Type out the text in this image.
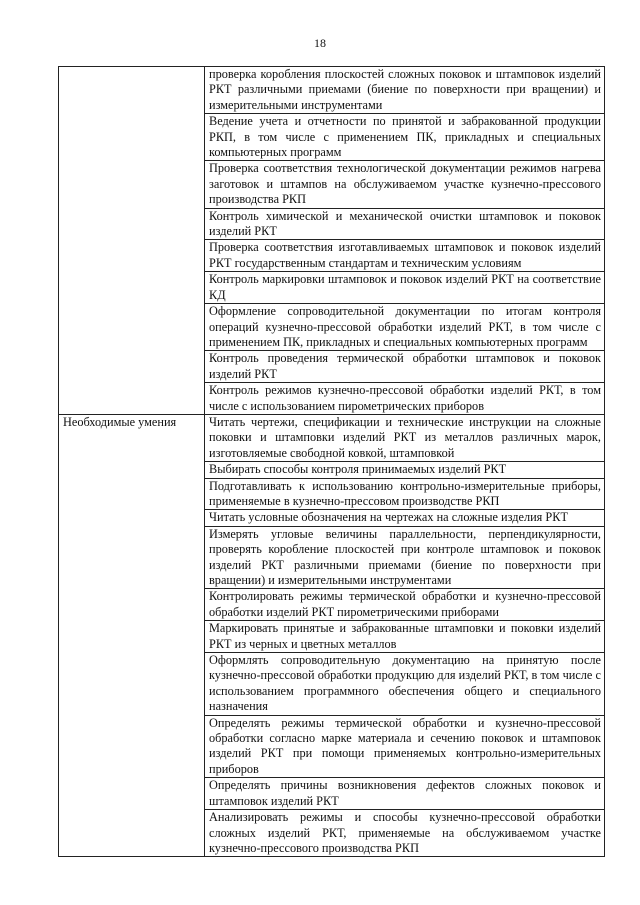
18
	проверка коробления плоскостей сложных поковок и штамповок изделий РКТ различными приемами (биение по поверхности при вращении) и измерительными инструментами
	Ведение учета и отчетности по принятой и забракованной продукции РКП, в том числе с применением ПК, прикладных и специальных компьютерных программ
	Проверка соответствия технологической документации режимов нагрева заготовок и штампов на обслуживаемом участке кузнечно-прессового производства РКП
	Контроль химической и механической очистки штамповок и поковок изделий РКТ
	Проверка соответствия изготавливаемых штамповок и поковок изделий РКТ государственным стандартам и техническим условиям
	Контроль маркировки штамповок и поковок изделий РКТ на соответствие КД
	Оформление сопроводительной документации по итогам контроля операций кузнечно-прессовой обработки изделий РКТ, в том числе с применением ПК, прикладных и специальных компьютерных программ
	Контроль проведения термической обработки штамповок и поковок изделий РКТ
	Контроль режимов кузнечно-прессовой обработки изделий РКТ, в том числе с использованием пирометрических приборов
Необходимые умения	Читать чертежи, спецификации и технические инструкции на сложные поковки и штамповки изделий РКТ из металлов различных марок, изготовляемые свободной ковкой, штамповкой
	Выбирать способы контроля принимаемых изделий РКТ
	Подготавливать к использованию контрольно-измерительные приборы, применяемые в кузнечно-прессовом производстве РКП
	Читать условные обозначения на чертежах на сложные изделия РКТ
	Измерять угловые величины параллельности, перпендикулярности, проверять коробление плоскостей при контроле штамповок и поковок изделий РКТ различными приемами (биение по поверхности при вращении) и измерительными инструментами
	Контролировать режимы термической обработки и кузнечно-прессовой обработки изделий РКТ пирометрическими приборами
	Маркировать принятые и забракованные штамповки и поковки изделий РКТ из черных и цветных металлов
	Оформлять сопроводительную документацию на принятую после кузнечно-прессовой обработки продукцию для изделий РКТ, в том числе с использованием программного обеспечения общего и специального назначения
	Определять режимы термической обработки и кузнечно-прессовой обработки согласно марке материала и сечению поковок и штамповок изделий РКТ при помощи применяемых контрольно-измерительных приборов
	Определять причины возникновения дефектов сложных поковок и штамповок изделий РКТ
	Анализировать режимы и способы кузнечно-прессовой обработки сложных изделий РКТ, применяемые на обслуживаемом участке кузнечно-прессового производства РКП
